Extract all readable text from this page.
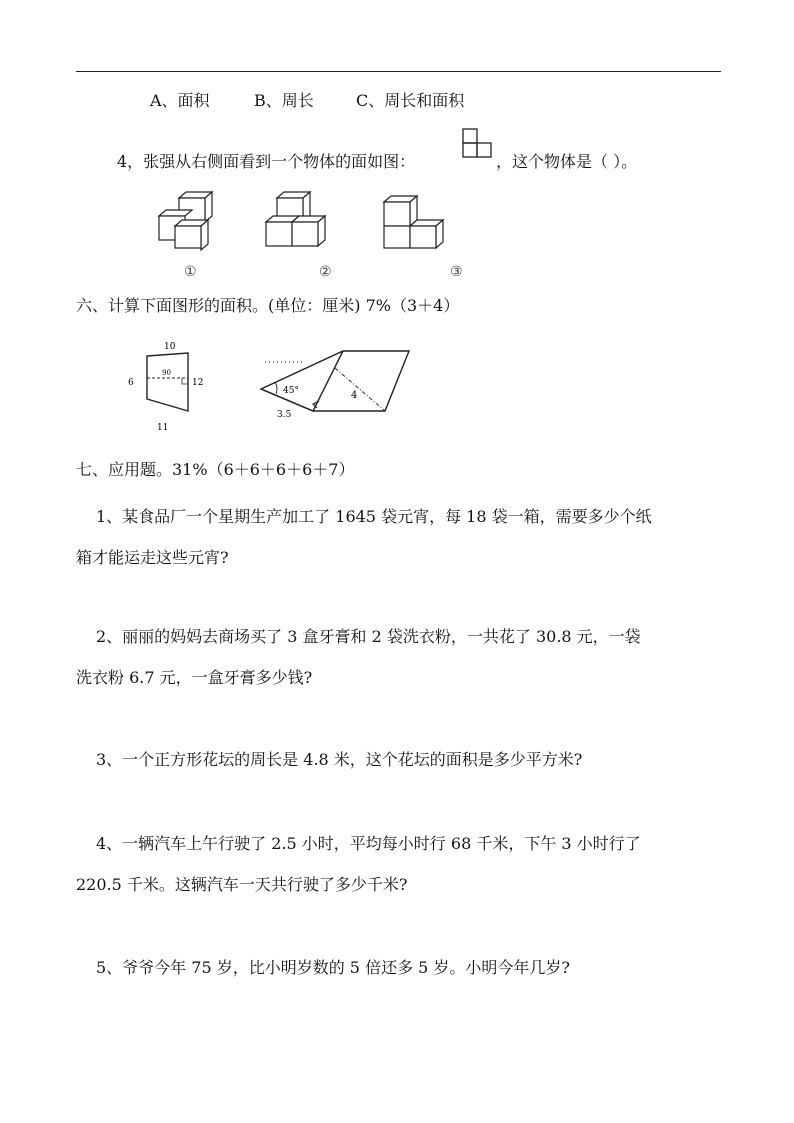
A、面积	B、周长	C、周长和面积
4，张强从右侧面看到一个物体的面如图：	，这个物体是（ ）。
①	②	③
六、计算下面图形的面积。(单位：厘米) 7%（3＋4）
10
6
90
12
11
45°	4
3.5
七、应用题。31%（6＋6＋6＋6＋7）
1、某食品厂一个星期生产加工了 1645 袋元宵，每 18 袋一箱，需要多少个纸
箱才能运走这些元宵?
2、丽丽的妈妈去商场买了 3 盒牙膏和 2 袋洗衣粉，一共花了 30.8 元，一袋
洗衣粉 6.7 元，一盒牙膏多少钱?
3、一个正方形花坛的周长是 4.8 米，这个花坛的面积是多少平方米?
4、一辆汽车上午行驶了 2.5 小时，平均每小时行 68 千米，下午 3 小时行了
220.5 千米。这辆汽车一天共行驶了多少千米?
5、爷爷今年 75 岁，比小明岁数的 5 倍还多 5 岁。小明今年几岁?
